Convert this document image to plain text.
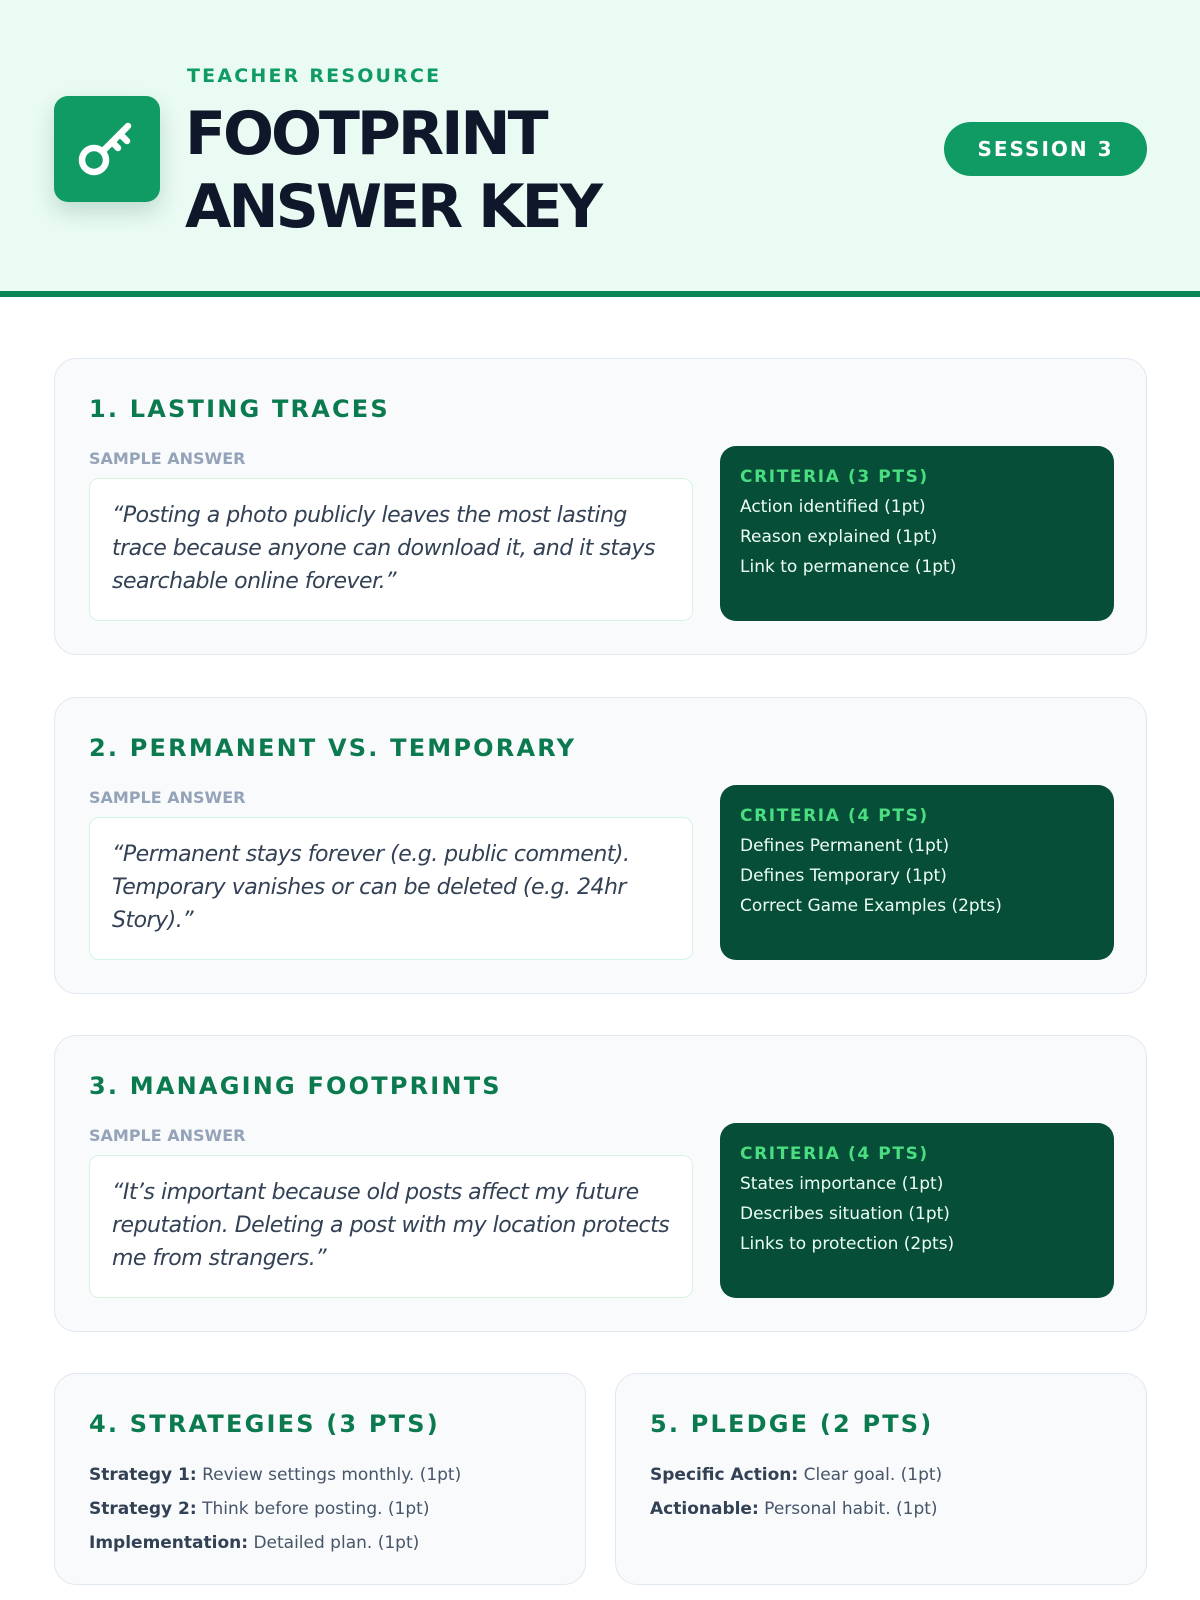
TEACHER RESOURCE
FOOTPRINT ANSWER KEY
SESSION 3
1. LASTING TRACES
SAMPLE ANSWER
“Posting a photo publicly leaves the most lasting trace because anyone can download it, and it stays searchable online forever.”
CRITERIA (3 PTS)
Action identified (1pt)
Reason explained (1pt)
Link to permanence (1pt)
2. PERMANENT VS. TEMPORARY
SAMPLE ANSWER
“Permanent stays forever (e.g. public comment). Temporary vanishes or can be deleted (e.g. 24hr Story).”
CRITERIA (4 PTS)
Defines Permanent (1pt)
Defines Temporary (1pt)
Correct Game Examples (2pts)
3. MANAGING FOOTPRINTS
SAMPLE ANSWER
“It’s important because old posts affect my future reputation. Deleting a post with my location protects me from strangers.”
CRITERIA (4 PTS)
States importance (1pt)
Describes situation (1pt)
Links to protection (2pts)
4. STRATEGIES (3 PTS)
Strategy 1: Review settings monthly. (1pt)
Strategy 2: Think before posting. (1pt)
Implementation: Detailed plan. (1pt)
5. PLEDGE (2 PTS)
Specific Action: Clear goal. (1pt)
Actionable: Personal habit. (1pt)
